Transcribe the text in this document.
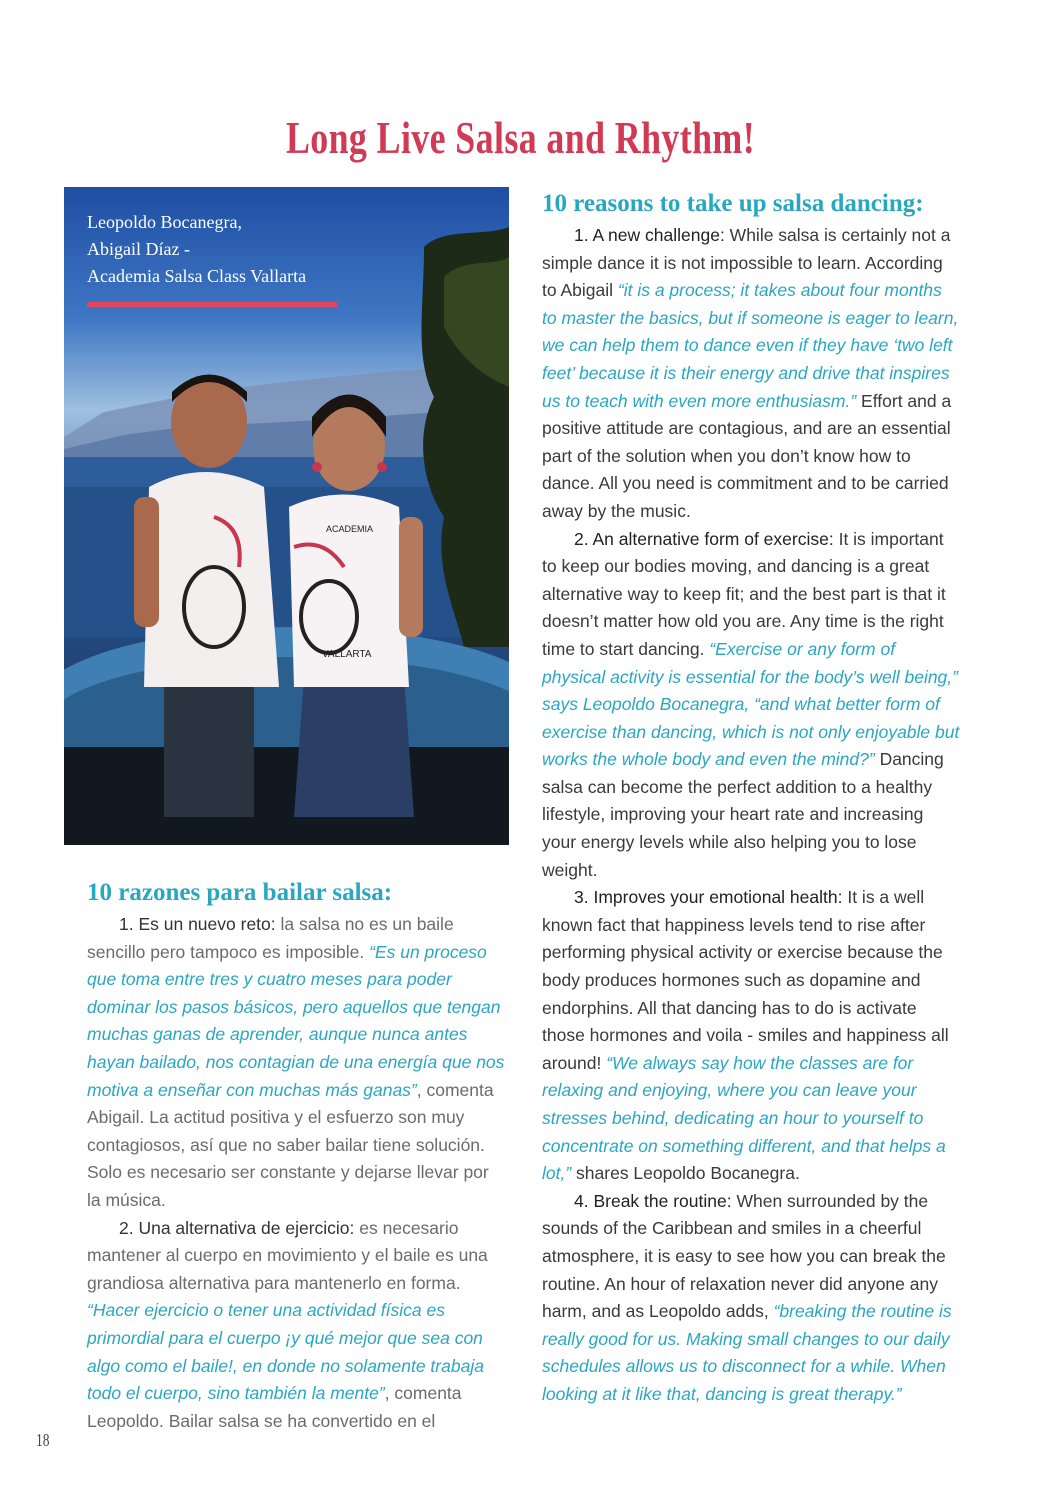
Long Live Salsa and Rhythm!
ACADEMIA
VALLARTA
Leopoldo Bocanegra,
Abigail Díaz -
Academia Salsa Class Vallarta
10 razones para bailar salsa:

1. Es un nuevo reto: la salsa no es un baile sencillo pero tampoco es imposible. “Es un proceso que toma entre tres y cuatro meses para poder dominar los pasos básicos, pero aquellos que tengan muchas ganas de aprender, aunque nunca antes hayan bailado, nos contagian de una energía que nos motiva a enseñar con muchas más ganas”, comenta Abigail. La actitud positiva y el esfuerzo son muy contagiosos, así que no saber bailar tiene solución. Solo es necesario ser constante y dejarse llevar por la música.

2. Una alternativa de ejercicio: es necesario mantener al cuerpo en movimiento y el baile es una grandiosa alternativa para mantenerlo en forma. “Hacer ejercicio o tener una actividad física es primordial para el cuerpo ¡y qué mejor que sea con algo como el baile!, en donde no solamente trabaja todo el cuerpo, sino también la mente”, comenta Leopoldo. Bailar salsa se ha convertido en el

10 reasons to take up salsa dancing:

1. A new challenge: While salsa is certainly not a simple dance it is not impossible to learn. According to Abigail “it is a process; it takes about four months to master the basics, but if someone is eager to learn, we can help them to dance even if they have ‘two left feet’ because it is their energy and drive that inspires us to teach with even more enthusiasm.” Effort and a positive attitude are contagious, and are an essential part of the solution when you don’t know how to dance. All you need is commitment and to be carried away by the music.

2. An alternative form of exercise: It is important to keep our bodies moving, and dancing is a great alternative way to keep fit; and the best part is that it doesn’t matter how old you are. Any time is the right time to start dancing. “Exercise or any form of physical activity is essential for the body’s well being,” says Leopoldo Bocanegra, “and what better form of exercise than dancing, which is not only enjoyable but works the whole body and even the mind?” Dancing salsa can become the perfect addition to a healthy lifestyle, improving your heart rate and increasing your energy levels while also helping you to lose weight.

3. Improves your emotional health: It is a well known fact that happiness levels tend to rise after performing physical activity or exercise because the body produces hormones such as dopamine and endorphins. All that dancing has to do is activate those hormones and voila - smiles and happiness all around! “We always say how the classes are for relaxing and enjoying, where you can leave your stresses behind, dedicating an hour to yourself to concentrate on something different, and that helps a lot,” shares Leopoldo Bocanegra.

4. Break the routine: When surrounded by the sounds of the Caribbean and smiles in a cheerful atmosphere, it is easy to see how you can break the routine. An hour of relaxation never did anyone any harm, and as Leopoldo adds, “breaking the routine is really good for us. Making small changes to our daily schedules allows us to disconnect for a while. When looking at it like that, dancing is great therapy.”

18
